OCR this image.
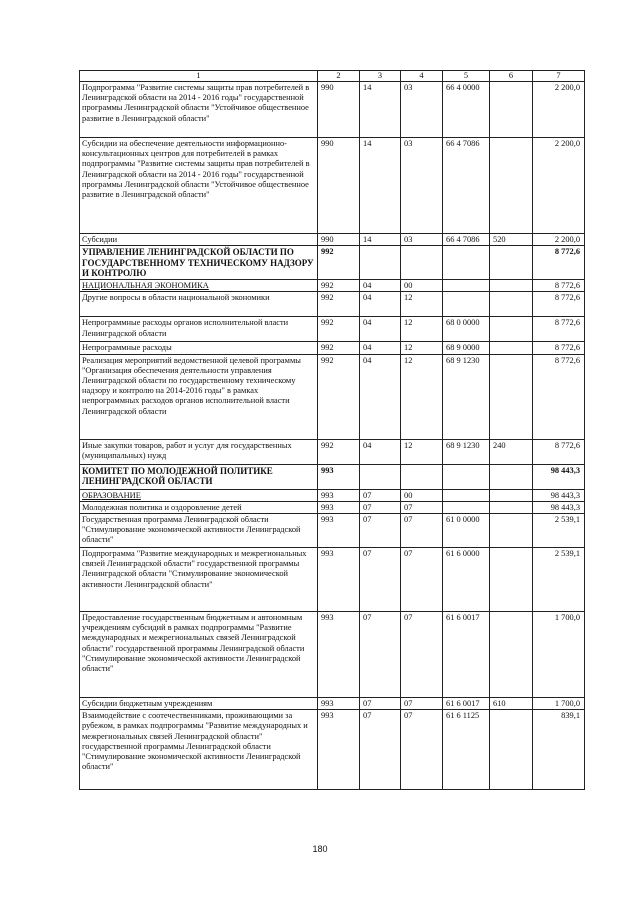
1	2	3	4	5	6	7
Подпрограмма "Развитие системы защиты прав потребителей в Ленинградской области на 2014 - 2016 годы" государственной программы Ленинградской области "Устойчивое общественное развитие в Ленинградской области"	990	14	03	66 4 0000		2 200,0
Субсидии на обеспечение деятельности информационно-консультационных центров для потребителей в рамках подпрограммы "Развитие системы защиты прав потребителей в Ленинградской области на 2014 - 2016 годы" государственной программы Ленинградской области "Устойчивое общественное развитие в Ленинградской области"	990	14	03	66 4 7086		2 200,0
Субсидии	990	14	03	66 4 7086	520	2 200,0
УПРАВЛЕНИЕ ЛЕНИНГРАДСКОЙ ОБЛАСТИ ПО ГОСУДАРСТВЕННОМУ ТЕХНИЧЕСКОМУ НАДЗОРУ И КОНТРОЛЮ	992					8 772,6
НАЦИОНАЛЬНАЯ ЭКОНОМИКА	992	04	00			8 772,6
Другие вопросы в области национальной экономики	992	04	12			8 772,6
Непрограммные расходы органов исполнительной власти Ленинградской области	992	04	12	68 0 0000		8 772,6
Непрограммные расходы	992	04	12	68 9 0000		8 772,6
Реализация мероприятий ведомственной целевой программы "Организация обеспечения деятельности управления Ленинградской области по государственному техническому надзору и контролю на 2014-2016 годы" в рамках непрограммных расходов органов исполнительной власти Ленинградской области	992	04	12	68 9 1230		8 772,6
Иные закупки товаров, работ и услуг для государственных (муниципальных) нужд	992	04	12	68 9 1230	240	8 772,6
КОМИТЕТ ПО МОЛОДЕЖНОЙ ПОЛИТИКЕ ЛЕНИНГРАДСКОЙ ОБЛАСТИ	993					98 443,3
ОБРАЗОВАНИЕ	993	07	00			98 443,3
Молодежная политика и оздоровление детей	993	07	07			98 443,3
Государственная программа Ленинградской области "Стимулирование экономической активности Ленинградской области"	993	07	07	61 0 0000		2 539,1
Подпрограмма "Развитие международных и межрегиональных связей Ленинградской области" государственной программы Ленинградской области "Стимулирование экономической активности Ленинградской области"	993	07	07	61 6 0000		2 539,1
Предоставление государственным бюджетным и автономным учреждениям субсидий в рамках подпрограммы "Развитие международных и межрегиональных связей Ленинградской области" государственной программы Ленинградской области "Стимулирование экономической активности Ленинградской области"	993	07	07	61 6 0017		1 700,0
Субсидии бюджетным учреждениям	993	07	07	61 6 0017	610	1 700,0
Взаимодействие с соотечественниками, проживающими за рубежом, в рамках подпрограммы "Развитие международных и межрегиональных связей Ленинградской области" государственной программы Ленинградской области "Стимулирование экономической активности Ленинградской области"	993	07	07	61 6 1125		839,1
180
